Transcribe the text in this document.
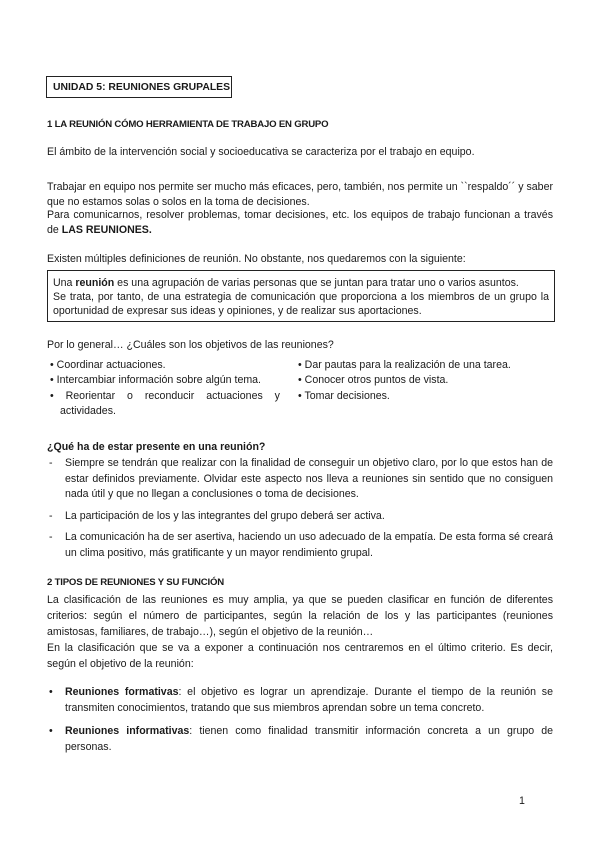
UNIDAD 5: REUNIONES GRUPALES
1 LA REUNIÓN CÓMO HERRAMIENTA DE TRABAJO EN GRUPO
El ámbito de la intervención social y socioeducativa se caracteriza por el trabajo en equipo.
Trabajar en equipo nos permite ser mucho más eficaces, pero, también, nos permite un ``respaldo´´ y saber que no estamos solas o solos en la toma de decisiones.
Para comunicarnos, resolver problemas, tomar decisiones, etc. los equipos de trabajo funcionan a través de LAS REUNIONES.
Existen múltiples definiciones de reunión. No obstante, nos quedaremos con la siguiente:
Una reunión es una agrupación de varias personas que se juntan para tratar uno o varios asuntos.
Se trata, por tanto, de una estrategia de comunicación que proporciona a los miembros de un grupo la oportunidad de expresar sus ideas y opiniones, y de realizar sus aportaciones.
Por lo general… ¿Cuáles son los objetivos de las reuniones?
• Coordinar actuaciones.
• Intercambiar información sobre algún tema.
• Reorientar o reconducir actuaciones y actividades.
• Dar pautas para la realización de una tarea.
• Conocer otros puntos de vista.
• Tomar decisiones.
¿Qué ha de estar presente en una reunión?
- Siempre se tendrán que realizar con la finalidad de conseguir un objetivo claro, por lo que estos han de estar definidos previamente. Olvidar este aspecto nos lleva a reuniones sin sentido que no consiguen nada útil y que no llegan a conclusiones o toma de decisiones.
- La participación de los y las integrantes del grupo deberá ser activa.
- La comunicación ha de ser asertiva, haciendo un uso adecuado de la empatía. De esta forma sé creará un clima positivo, más gratificante y un mayor rendimiento grupal.
2 TIPOS DE REUNIONES Y SU FUNCIÓN
La clasificación de las reuniones es muy amplia, ya que se pueden clasificar en función de diferentes criterios: según el número de participantes, según la relación de los y las participantes (reuniones amistosas, familiares, de trabajo…), según el objetivo de la reunión…
En la clasificación que se va a exponer a continuación nos centraremos en el último criterio. Es decir, según el objetivo de la reunión:
• Reuniones formativas: el objetivo es lograr un aprendizaje. Durante el tiempo de la reunión se transmiten conocimientos, tratando que sus miembros aprendan sobre un tema concreto.
• Reuniones informativas: tienen como finalidad transmitir información concreta a un grupo de personas.
1
